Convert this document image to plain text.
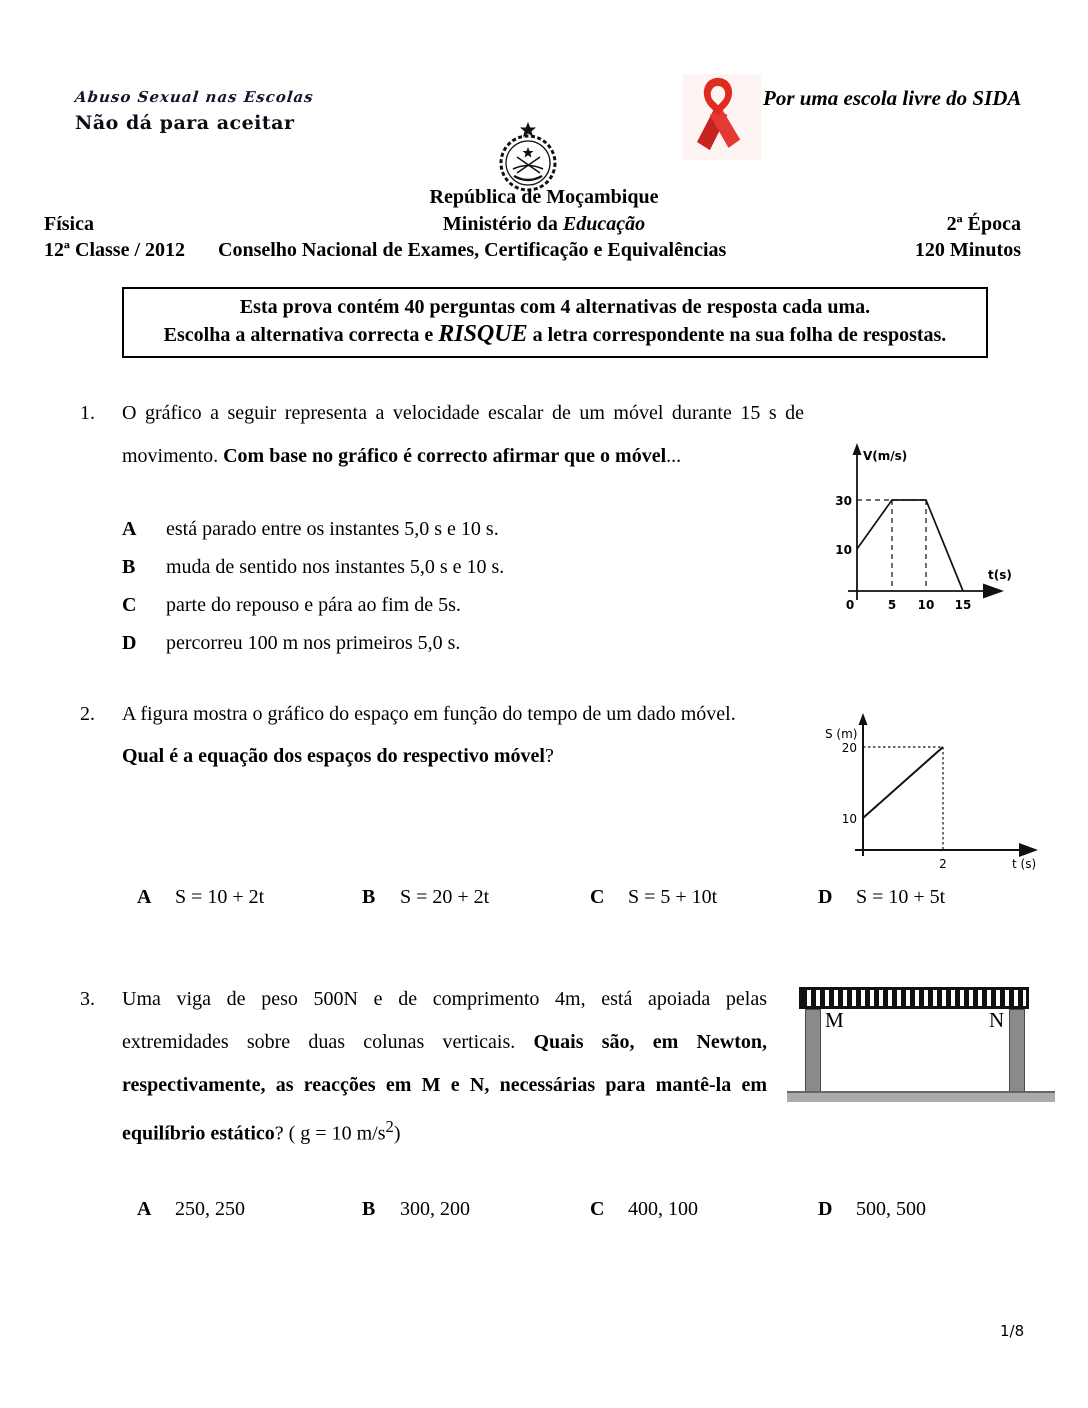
Abuso Sexual nas Escolas
Não dá para aceitar
Por uma escola livre do SIDA
República de Moçambique
Ministério da Educação
Física	2ª Época
12ª Classe / 2012 Conselho Nacional de Exames, Certificação e Equivalências	120 Minutos
Esta prova contém 40 perguntas com 4 alternativas de resposta cada uma.
Escolha a alternativa correcta e RISQUE a letra correspondente na sua folha de respostas.
1. O gráfico a seguir representa a velocidade escalar de um móvel durante 15 s de
movimento. Com base no gráfico é correcto afirmar que o móvel...	V(m/s)
t(s)
30
10
0	5 10 15
A está parado entre os instantes 5,0 s e 10 s.
B muda de sentido nos instantes 5,0 s e 10 s.
C parte do repouso e pára ao fim de 5s.
D percorreu 100 m nos primeiros 5,0 s.
2. A figura mostra o gráfico do espaço em função do tempo de um dado móvel.
Qual é a equação dos espaços do respectivo móvel?
S (m)
20
10
2	t (s)
A S = 10 + 2t	B S = 20 + 2t	C S = 5 + 10t	D S = 10 + 5t
3. Uma viga de peso 500N e de comprimento 4m, está apoiada pelas
extremidades sobre duas colunas verticais. Quais são, em Newton,
respectivamente, as reacções em M e N, necessárias para mantê-la em
equilíbrio estático? ( g = 10 $m/s^2$)
M	N
A 250, 250	B 300, 200	C 400, 100	D 500, 500
1/8
